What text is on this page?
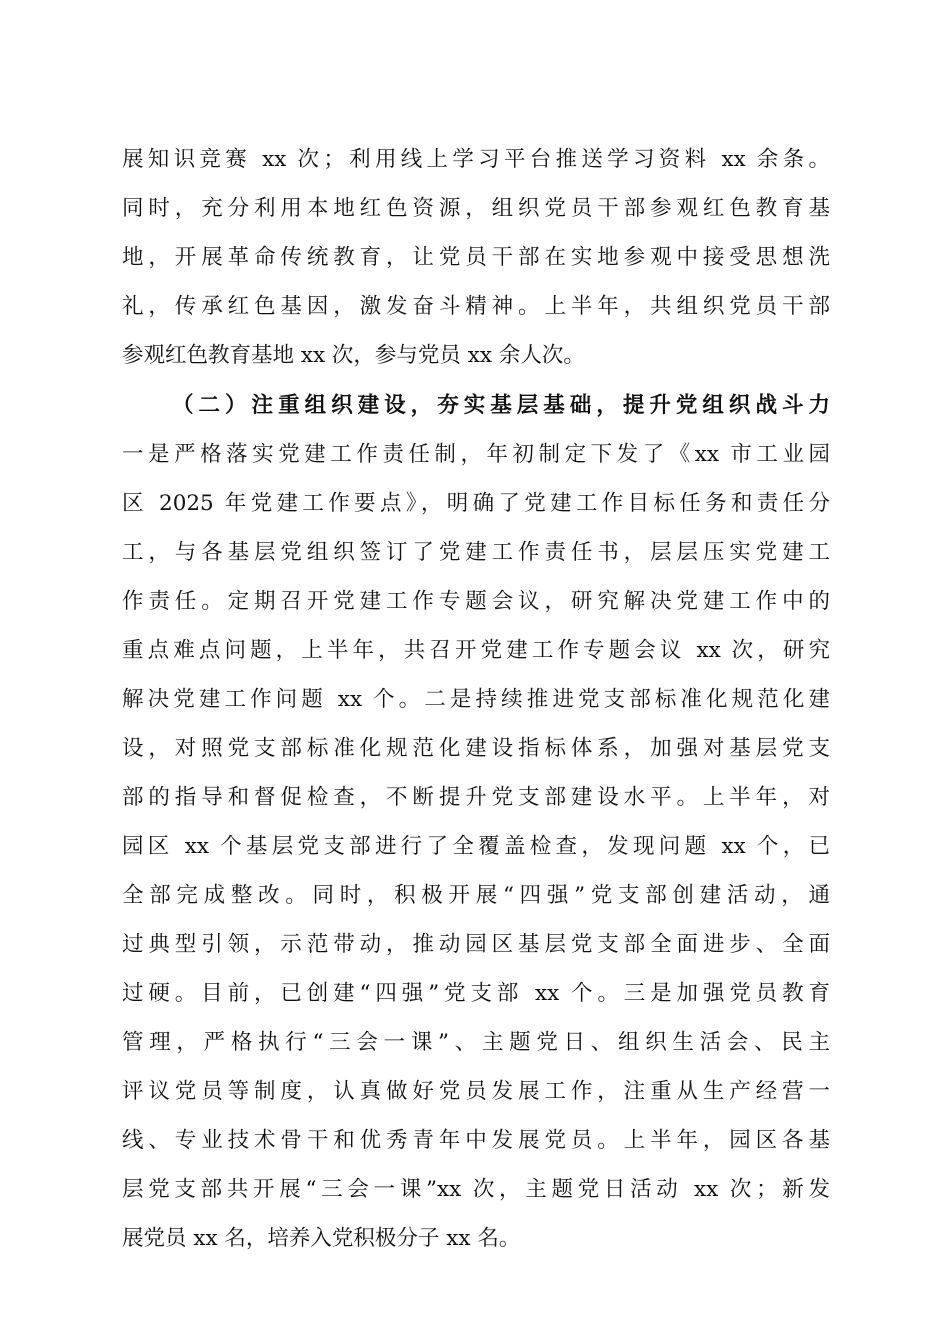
展知识竞赛 xx 次；利用线上学习平台推送学习资料 xx 余条。
同时，充分利用本地红色资源，组织党员干部参观红色教育基
地，开展革命传统教育，让党员干部在实地参观中接受思想洗
礼，传承红色基因，激发奋斗精神。上半年，共组织党员干部
参观红色教育基地 xx 次，参与党员 xx 余人次。
（二）注重组织建设，夯实基层基础，提升党组织战斗力
一是严格落实党建工作责任制，年初制定下发了《xx 市工业园
区 2025 年党建工作要点》，明确了党建工作目标任务和责任分
工，与各基层党组织签订了党建工作责任书，层层压实党建工
作责任。定期召开党建工作专题会议，研究解决党建工作中的
重点难点问题，上半年，共召开党建工作专题会议 xx 次，研究
解决党建工作问题 xx 个。二是持续推进党支部标准化规范化建
设，对照党支部标准化规范化建设指标体系，加强对基层党支
部的指导和督促检查，不断提升党支部建设水平。上半年，对
园区 xx 个基层党支部进行了全覆盖检查，发现问题 xx 个，已
全部完成整改。同时，积极开展“四强”党支部创建活动，通
过典型引领，示范带动，推动园区基层党支部全面进步、全面
过硬。目前，已创建“四强”党支部 xx 个。三是加强党员教育
管理，严格执行“三会一课”、主题党日、组织生活会、民主
评议党员等制度，认真做好党员发展工作，注重从生产经营一
线、专业技术骨干和优秀青年中发展党员。上半年，园区各基
层党支部共开展“三会一课”xx 次，主题党日活动 xx 次；新发
展党员 xx 名，培养入党积极分子 xx 名。
